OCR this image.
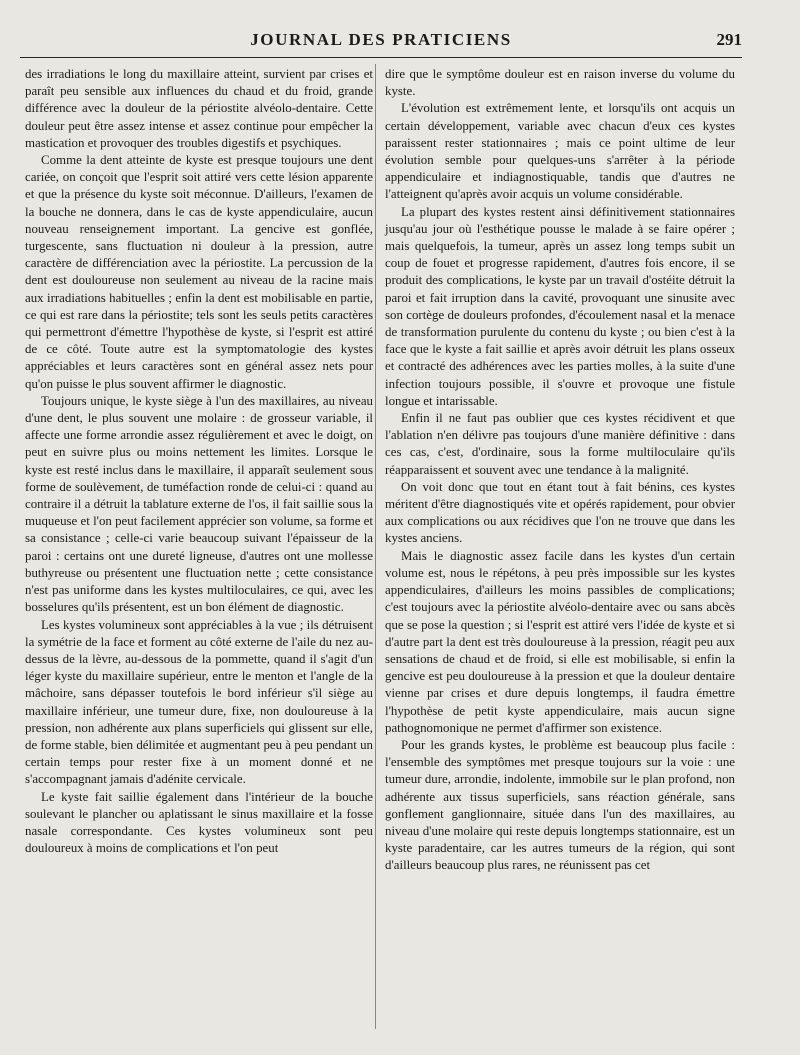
JOURNAL DES PRATICIENS	291

des irradiations le long du maxillaire atteint, survient par crises et paraît peu sensible aux influences du chaud et du froid, grande différence avec la douleur de la périostite alvéolo-dentaire. Cette douleur peut être assez intense et assez continue pour empêcher la mastication et provoquer des troubles digestifs et psychiques.

Comme la dent atteinte de kyste est presque toujours une dent cariée, on conçoit que l'esprit soit attiré vers cette lésion apparente et que la présence du kyste soit méconnue. D'ailleurs, l'examen de la bouche ne donnera, dans le cas de kyste appendiculaire, aucun nouveau renseignement important. La gencive est gonflée, turgescente, sans fluctuation ni douleur à la pression, autre caractère de différenciation avec la périostite. La percussion de la dent est douloureuse non seulement au niveau de la racine mais aux irradiations habituelles ; enfin la dent est mobilisable en partie, ce qui est rare dans la périostite; tels sont les seuls petits caractères qui permettront d'émettre l'hypothèse de kyste, si l'esprit est attiré de ce côté. Toute autre est la symptomatologie des kystes appréciables et leurs caractères sont en général assez nets pour qu'on puisse le plus souvent affirmer le diagnostic.

Toujours unique, le kyste siège à l'un des maxillaires, au niveau d'une dent, le plus souvent une molaire : de grosseur variable, il affecte une forme arrondie assez régulièrement et avec le doigt, on peut en suivre plus ou moins nettement les limites. Lorsque le kyste est resté inclus dans le maxillaire, il apparaît seulement sous forme de soulèvement, de tuméfaction ronde de celui-ci : quand au contraire il a détruit la tablature externe de l'os, il fait saillie sous la muqueuse et l'on peut facilement apprécier son volume, sa forme et sa consistance ; celle-ci varie beaucoup suivant l'épaisseur de la paroi : certains ont une dureté ligneuse, d'autres ont une mollesse buthyreuse ou présentent une fluctuation nette ; cette consistance n'est pas uniforme dans les kystes multiloculaires, ce qui, avec les bosselures qu'ils présentent, est un bon élément de diagnostic.

Les kystes volumineux sont appréciables à la vue ; ils détruisent la symétrie de la face et forment au côté externe de l'aile du nez au-dessus de la lèvre, au-dessous de la pommette, quand il s'agit d'un léger kyste du maxillaire supérieur, entre le menton et l'angle de la mâchoire, sans dépasser toutefois le bord inférieur s'il siège au maxillaire inférieur, une tumeur dure, fixe, non douloureuse à la pression, non adhérente aux plans superficiels qui glissent sur elle, de forme stable, bien délimitée et augmentant peu à peu pendant un certain temps pour rester fixe à un moment donné et ne s'accompagnant jamais d'adénite cervicale.

Le kyste fait saillie également dans l'intérieur de la bouche soulevant le plancher ou aplatissant le sinus maxillaire et la fosse nasale correspondante. Ces kystes volumineux sont peu douloureux à moins de complications et l'on peut

dire que le symptôme douleur est en raison inverse du volume du kyste.

L'évolution est extrêmement lente, et lorsqu'ils ont acquis un certain développement, variable avec chacun d'eux ces kystes paraissent rester stationnaires ; mais ce point ultime de leur évolution semble pour quelques-uns s'arrêter à la période appendiculaire et indiagnostiquable, tandis que d'autres ne l'atteignent qu'après avoir acquis un volume considérable.

La plupart des kystes restent ainsi définitivement stationnaires jusqu'au jour où l'esthétique pousse le malade à se faire opérer ; mais quelquefois, la tumeur, après un assez long temps subit un coup de fouet et progresse rapidement, d'autres fois encore, il se produit des complications, le kyste par un travail d'ostéite détruit la paroi et fait irruption dans la cavité, provoquant une sinusite avec son cortège de douleurs profondes, d'écoulement nasal et la menace de transformation purulente du contenu du kyste ; ou bien c'est à la face que le kyste a fait saillie et après avoir détruit les plans osseux et contracté des adhérences avec les parties molles, à la suite d'une infection toujours possible, il s'ouvre et provoque une fistule longue et intarissable.

Enfin il ne faut pas oublier que ces kystes récidivent et que l'ablation n'en délivre pas toujours d'une manière définitive : dans ces cas, c'est, d'ordinaire, sous la forme multiloculaire qu'ils réapparaissent et souvent avec une tendance à la malignité.

On voit donc que tout en étant tout à fait bénins, ces kystes méritent d'être diagnostiqués vite et opérés rapidement, pour obvier aux complications ou aux récidives que l'on ne trouve que dans les kystes anciens.

Mais le diagnostic assez facile dans les kystes d'un certain volume est, nous le répétons, à peu près impossible sur les kystes appendiculaires, d'ailleurs les moins passibles de complications; c'est toujours avec la périostite alvéolo-dentaire avec ou sans abcès que se pose la question ; si l'esprit est attiré vers l'idée de kyste et si d'autre part la dent est très douloureuse à la pression, réagit peu aux sensations de chaud et de froid, si elle est mobilisable, si enfin la gencive est peu douloureuse à la pression et que la douleur dentaire vienne par crises et dure depuis longtemps, il faudra émettre l'hypothèse de petit kyste appendiculaire, mais aucun signe pathognomonique ne permet d'affirmer son existence.

Pour les grands kystes, le problème est beaucoup plus facile : l'ensemble des symptômes met presque toujours sur la voie : une tumeur dure, arrondie, indolente, immobile sur le plan profond, non adhérente aux tissus superficiels, sans réaction générale, sans gonflement ganglionnaire, située dans l'un des maxillaires, au niveau d'une molaire qui reste depuis longtemps stationnaire, est un kyste paradentaire, car les autres tumeurs de la région, qui sont d'ailleurs beaucoup plus rares, ne réunissent pas cet
